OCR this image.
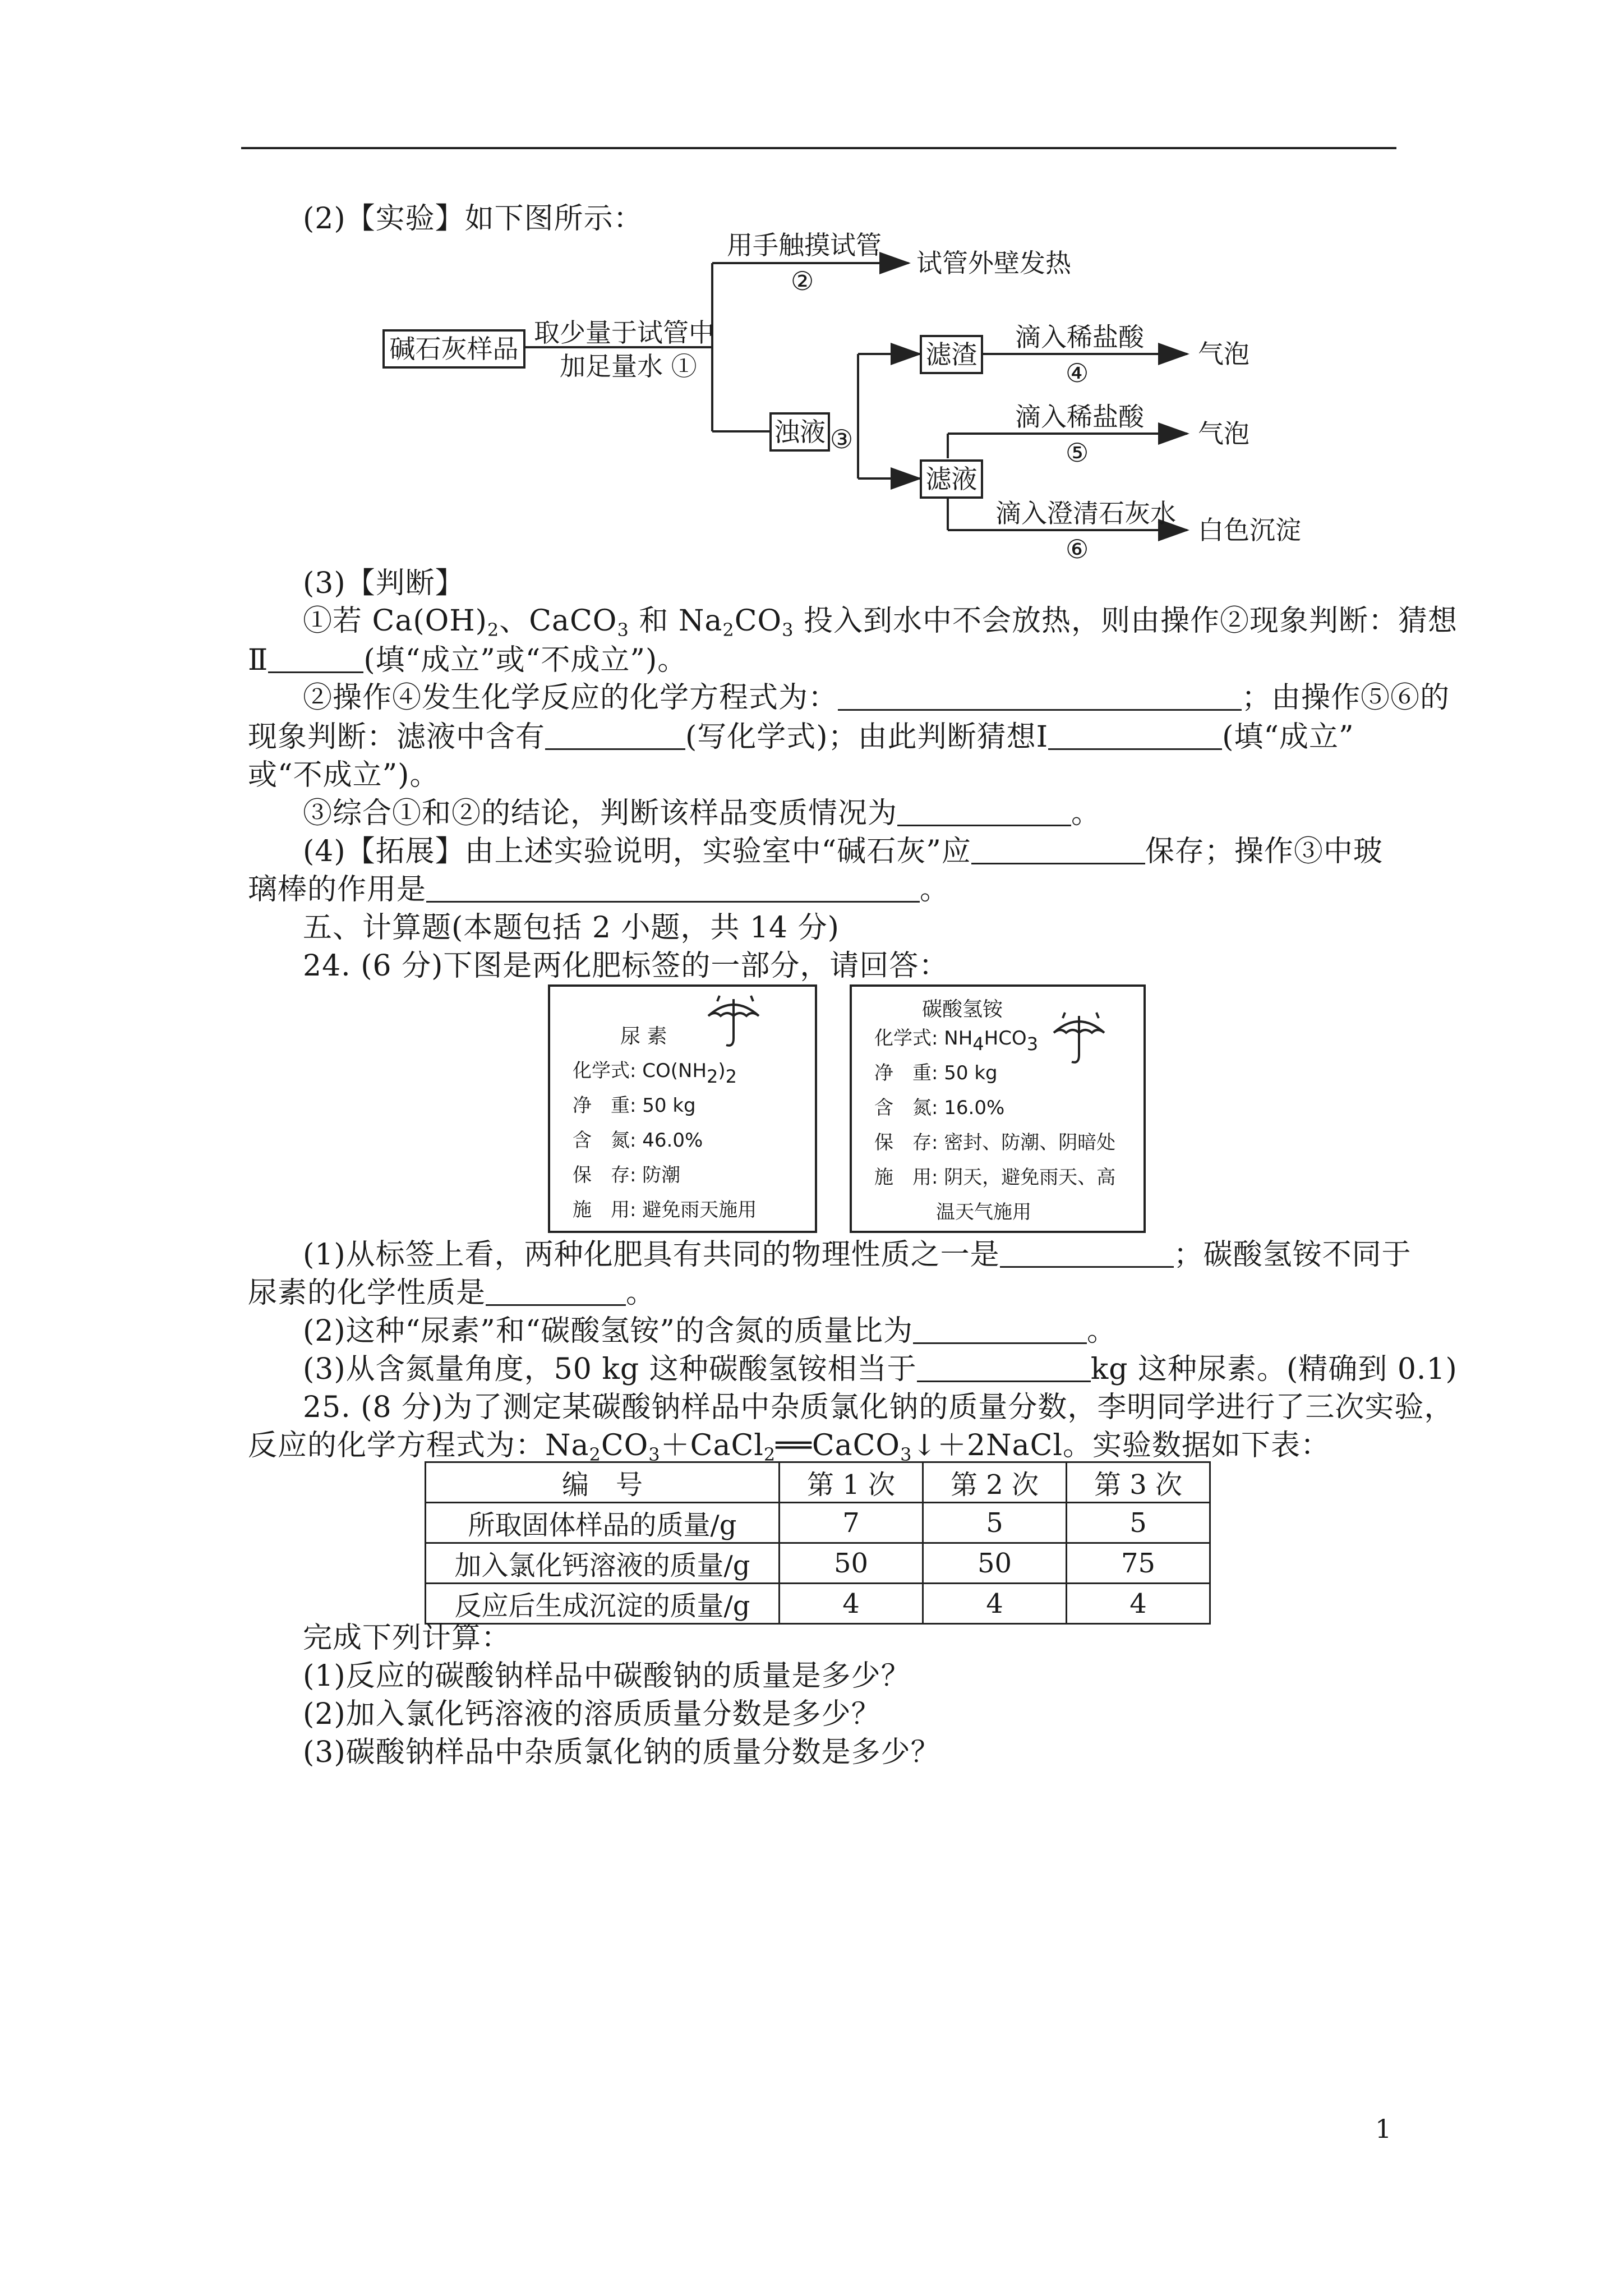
(2)【实验】如下图所示：
碱石灰样品
取少量于试管中
加足量水 ①
用手触摸试管
②
试管外壁发热
浊液 ③
滤渣
滴入稀盐酸
④
气泡
滴入稀盐酸
⑤
气泡
滤液
滴入澄清石灰水
⑥
白色沉淀
(3)【判断】
①若 $Ca(OH)_2$、CaCO$_3$ 和 $Na_2CO_3$ 投入到水中不会放热，则由操作②现象判断：猜想
Ⅱ	(填“成立”或“不成立”)。
②操作④发生化学反应的化学方程式为：	；由操作⑤⑥的
现象判断：滤液中含有	(写化学式)；由此判断猜想Ⅰ	(填“成立”
或“不成立”)。
③综合①和②的结论，判断该样品变质情况为	。
(4)【拓展】由上述实验说明，实验室中“碱石灰”应	保存；操作③中玻
璃棒的作用是	。
五、计算题(本题包括 2 小题，共 14 分)
24. (6 分)下图是两化肥标签的一部分，请回答：
尿 素
化学式: $CO(NH_2)_2$
净　重: 50 kg
含　氮: 46.0%
保　存: 防潮
施　用: 避免雨天施用
碳酸氢铵
化学式: $NH_4HCO_3$
净　重: 50 kg
含　氮: 16.0%
保　存: 密封、防潮、阴暗处
施　用: 阴天，避免雨天、高
温天气施用
(1)从标签上看，两种化肥具有共同的物理性质之一是	；碳酸氢铵不同于
尿素的化学性质是	。
(2)这种“尿素”和“碳酸氢铵”的含氮的质量比为	。
(3)从含氮量角度，50 kg 这种碳酸氢铵相当于	kg 这种尿素。(精确到 0.1)
25. (8 分)为了测定某碳酸钠样品中杂质氯化钠的质量分数，李明同学进行了三次实验，
反应的化学方程式为：$Na_2CO_3+CaCl_2══CaCO_3↓+2NaCl$。实验数据如下表：
编　号	第 1 次	第 2 次	第 3 次
所取固体样品的质量/g	7	5	5
加入氯化钙溶液的质量/g	50	50	75
反应后生成沉淀的质量/g	4	4	4
完成下列计算：
(1)反应的碳酸钠样品中碳酸钠的质量是多少？
(2)加入氯化钙溶液的溶质质量分数是多少？
(3)碳酸钠样品中杂质氯化钠的质量分数是多少？
1
